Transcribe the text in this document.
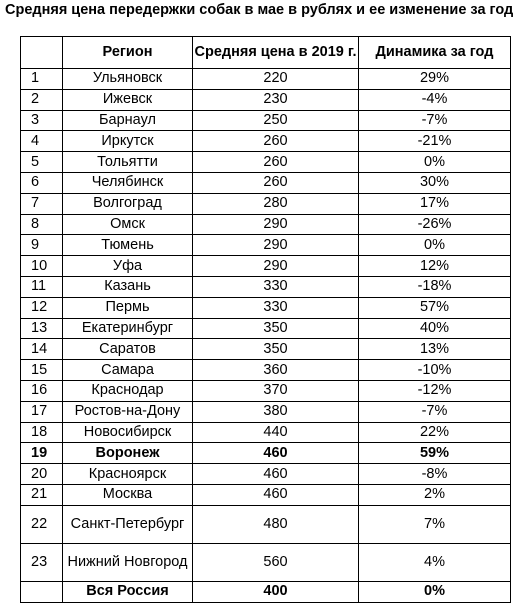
Средняя цена передержки собак в мае в рублях и ее изменение за год
	Регион	Средняя цена в 2019 г.	Динамика за год
1	Ульяновск	220	29%
2	Ижевск	230	-4%
3	Барнаул	250	-7%
4	Иркутск	260	-21%
5	Тольятти	260	0%
6	Челябинск	260	30%
7	Волгоград	280	17%
8	Омск	290	-26%
9	Тюмень	290	0%
10	Уфа	290	12%
11	Казань	330	-18%
12	Пермь	330	57%
13	Екатеринбург	350	40%
14	Саратов	350	13%
15	Самара	360	-10%
16	Краснодар	370	-12%
17	Ростов-на-Дону	380	-7%
18	Новосибирск	440	22%
19	Воронеж	460	59%
20	Красноярск	460	-8%
21	Москва	460	2%
22	Санкт-Петербург	480	7%
23	Нижний Новгород	560	4%
	Вся Россия	400	0%
